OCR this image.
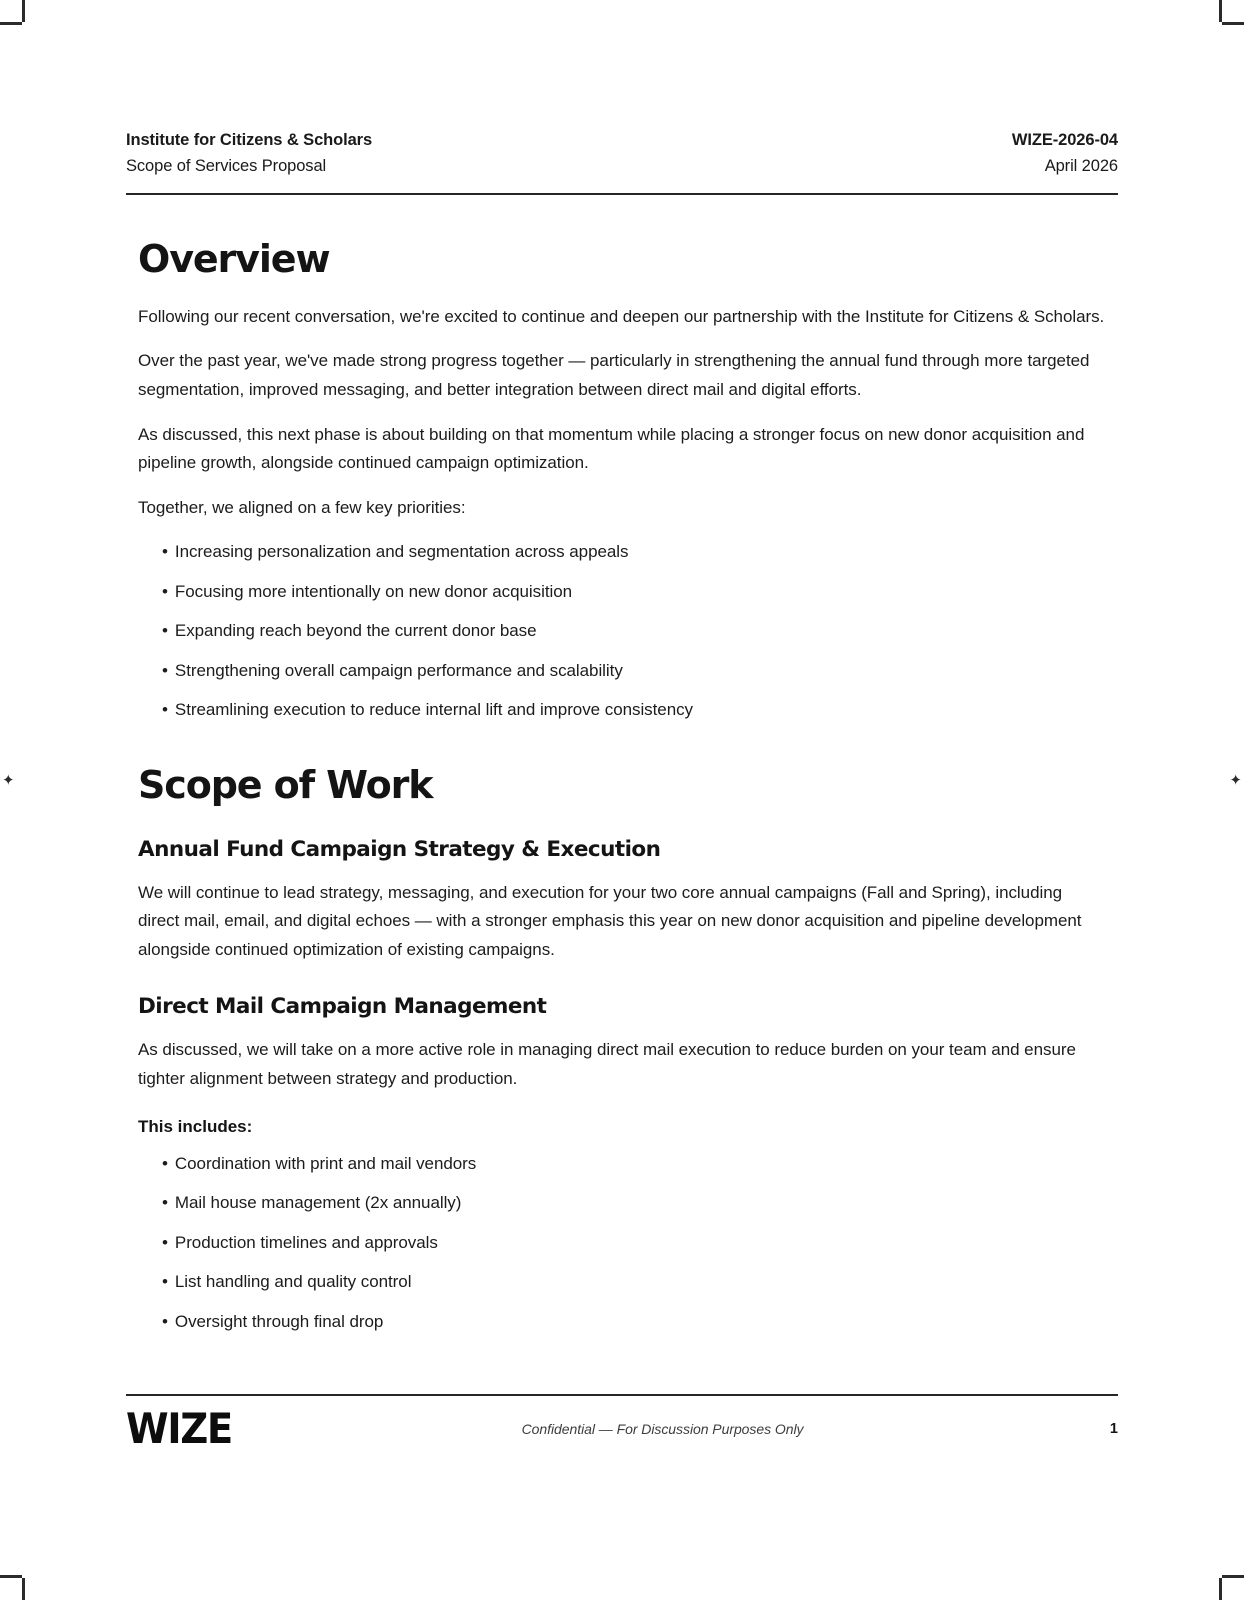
✦	✦
Institute for Citizens & Scholars
Scope of Services Proposal
WIZE-2026-04
April 2026
Overview

Following our recent conversation, we're excited to continue and deepen our partnership with the Institute for Citizens & Scholars.

Over the past year, we've made strong progress together — particularly in strengthening the annual fund through more targeted segmentation, improved messaging, and better integration between direct mail and digital efforts.

As discussed, this next phase is about building on that momentum while placing a stronger focus on new donor acquisition and pipeline growth, alongside continued campaign optimization.

Together, we aligned on a few key priorities:

• Increasing personalization and segmentation across appeals
• Focusing more intentionally on new donor acquisition
• Expanding reach beyond the current donor base
• Strengthening overall campaign performance and scalability
• Streamlining execution to reduce internal lift and improve consistency
Scope of Work
Annual Fund Campaign Strategy & Execution

We will continue to lead strategy, messaging, and execution for your two core annual campaigns (Fall and Spring), including direct mail, email, and digital echoes — with a stronger emphasis this year on new donor acquisition and pipeline development alongside continued optimization of existing campaigns.

Direct Mail Campaign Management

As discussed, we will take on a more active role in managing direct mail execution to reduce burden on your team and ensure tighter alignment between strategy and production.

This includes:

• Coordination with print and mail vendors
• Mail house management (2x annually)
• Production timelines and approvals
• List handling and quality control
• Oversight through final drop
WIZE	Confidential — For Discussion Purposes Only	1
